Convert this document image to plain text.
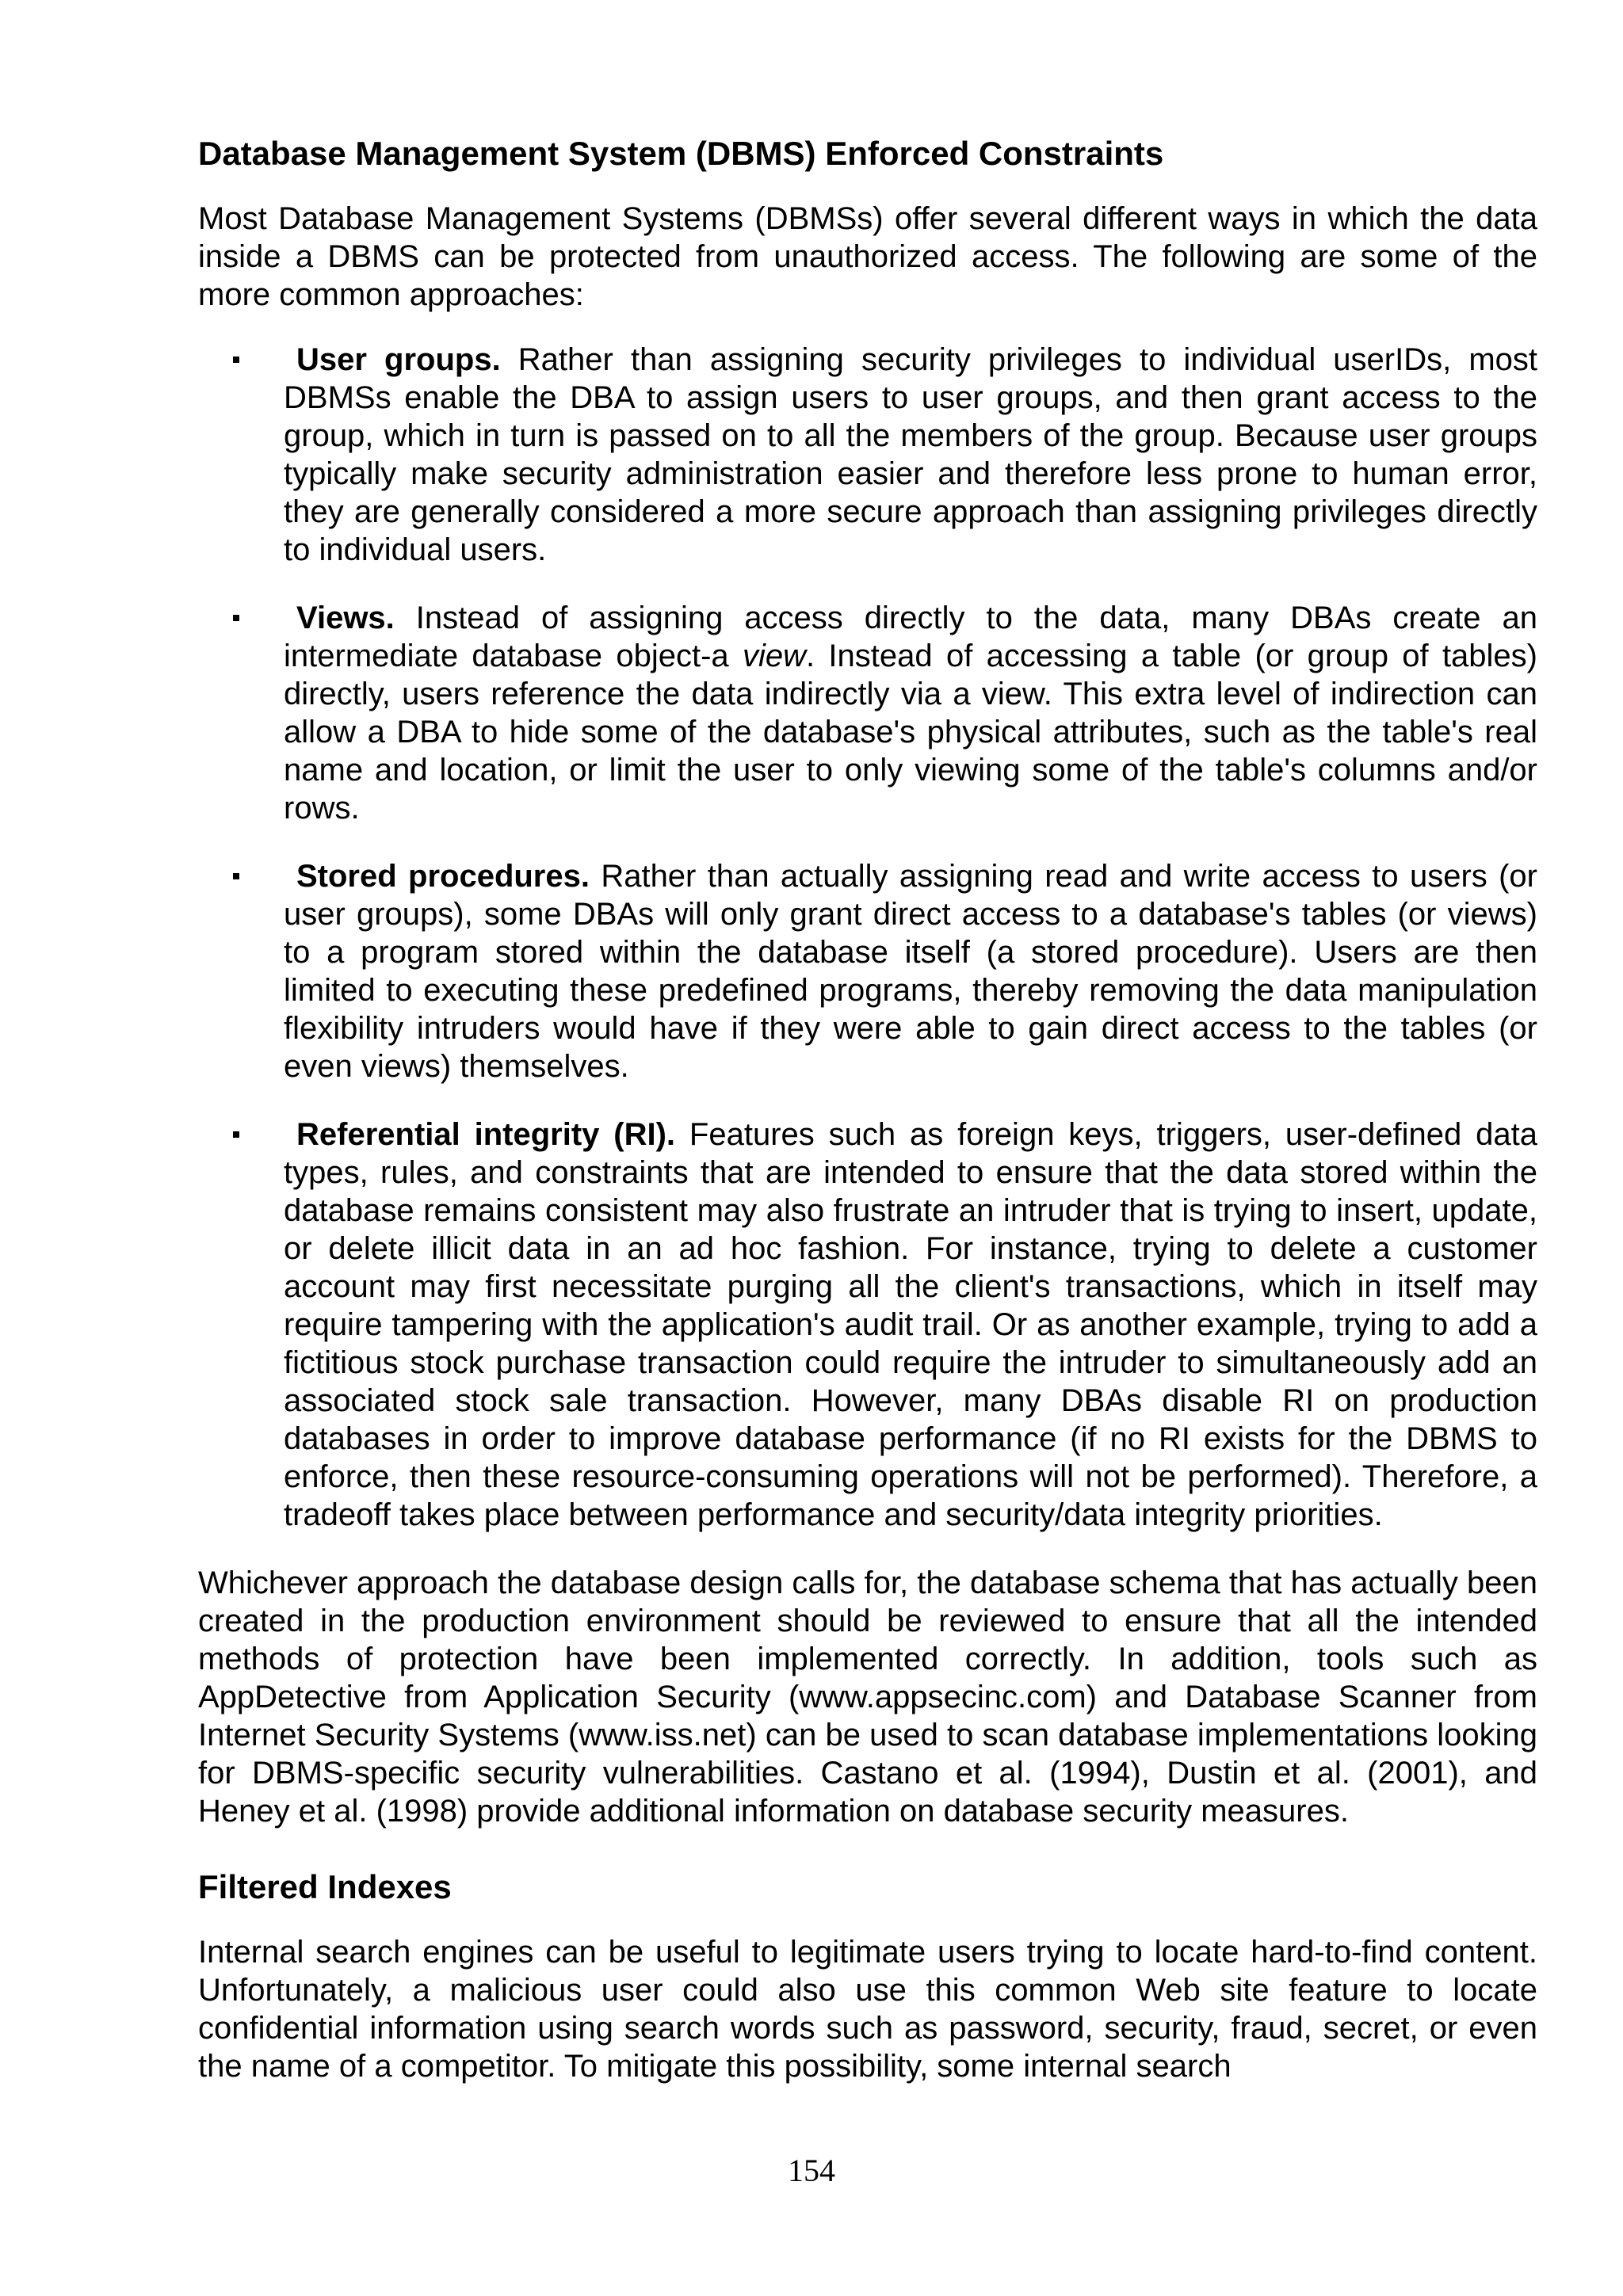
Database Management System (DBMS) Enforced Constraints

Most Database Management Systems (DBMSs) offer several different ways in which the data inside a DBMS can be protected from unauthorized access. The following are some of the more common approaches:

User groups. Rather than assigning security privileges to individual userIDs, most DBMSs enable the DBA to assign users to user groups, and then grant access to the group, which in turn is passed on to all the members of the group. Because user groups typically make security administration easier and therefore less prone to human error, they are generally considered a more secure approach than assigning privileges directly to individual users.
Views. Instead of assigning access directly to the data, many DBAs create an intermediate database object-a view. Instead of accessing a table (or group of tables) directly, users reference the data indirectly via a view. This extra level of indirection can allow a DBA to hide some of the database's physical attributes, such as the table's real name and location, or limit the user to only viewing some of the table's columns and/or rows.
Stored procedures. Rather than actually assigning read and write access to users (or user groups), some DBAs will only grant direct access to a database's tables (or views) to a program stored within the database itself (a stored procedure). Users are then limited to executing these predefined programs, thereby removing the data manipulation flexibility intruders would have if they were able to gain direct access to the tables (or even views) themselves.
Referential integrity (RI). Features such as foreign keys, triggers, user-defined data types, rules, and constraints that are intended to ensure that the data stored within the database remains consistent may also frustrate an intruder that is trying to insert, update, or delete illicit data in an ad hoc fashion. For instance, trying to delete a customer account may first necessitate purging all the client's transactions, which in itself may require tampering with the application's audit trail. Or as another example, trying to add a fictitious stock purchase transaction could require the intruder to simultaneously add an associated stock sale transaction. However, many DBAs disable RI on production databases in order to improve database performance (if no RI exists for the DBMS to enforce, then these resource-consuming operations will not be performed). Therefore, a tradeoff takes place between performance and security/data integrity priorities.

Whichever approach the database design calls for, the database schema that has actually been created in the production environment should be reviewed to ensure that all the intended methods of protection have been implemented correctly. In addition, tools such as AppDetective from Application Security (www.appsecinc.com) and Database Scanner from Internet Security Systems (www.iss.net) can be used to scan database implementations looking for DBMS-specific security vulnerabilities. Castano et al. (1994), Dustin et al. (2001), and Heney et al. (1998) provide additional information on database security measures.

Filtered Indexes

Internal search engines can be useful to legitimate users trying to locate hard-to-find content. Unfortunately, a malicious user could also use this common Web site feature to locate confidential information using search words such as password, security, fraud, secret, or even the name of a competitor. To mitigate this possibility, some internal search

154
